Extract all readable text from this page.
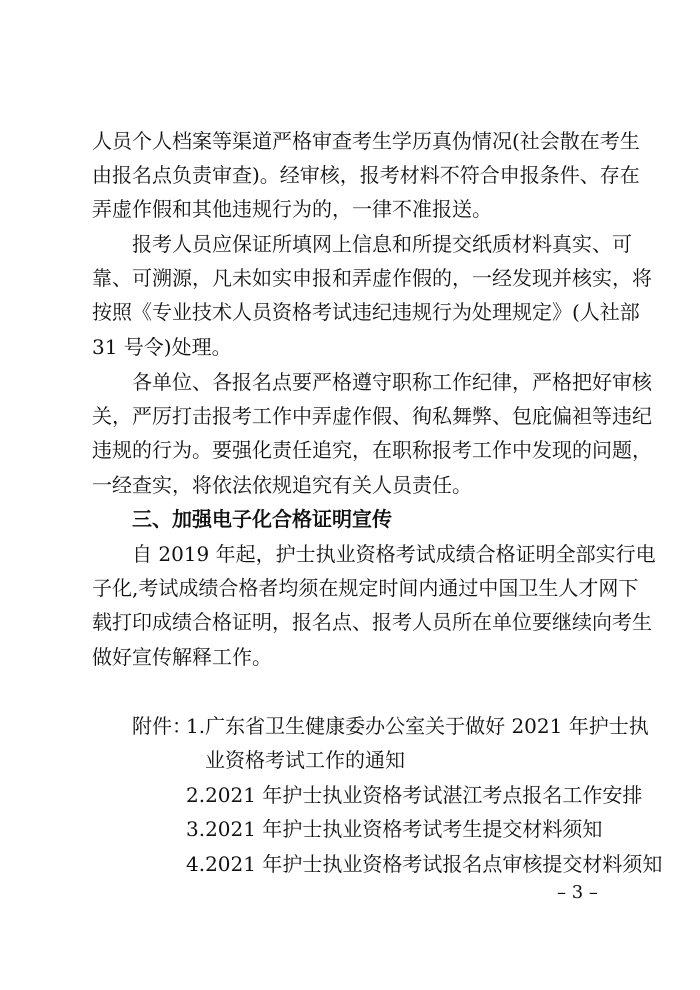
人员个人档案等渠道严格审查考生学历真伪情况(社会散在考生
由报名点负责审查)。经审核，报考材料不符合申报条件、存在
弄虚作假和其他违规行为的，一律不准报送。
报考人员应保证所填网上信息和所提交纸质材料真实、可
靠、可溯源，凡未如实申报和弄虚作假的，一经发现并核实，将
按照《专业技术人员资格考试违纪违规行为处理规定》(人社部
31 号令)处理。
各单位、各报名点要严格遵守职称工作纪律，严格把好审核
关，严厉打击报考工作中弄虚作假、徇私舞弊、包庇偏袒等违纪
违规的行为。要强化责任追究，在职称报考工作中发现的问题，
一经查实，将依法依规追究有关人员责任。
三、加强电子化合格证明宣传
自 2019 年起，护士执业资格考试成绩合格证明全部实行电
子化,考试成绩合格者均须在规定时间内通过中国卫生人才网下
载打印成绩合格证明，报名点、报考人员所在单位要继续向考生
做好宣传解释工作。
附件：
1.广东省卫生健康委办公室关于做好 2021 年护士执
业资格考试工作的通知
2.2021 年护士执业资格考试湛江考点报名工作安排
3.2021 年护士执业资格考试考生提交材料须知
4.2021 年护士执业资格考试报名点审核提交材料须知
– 3 –
